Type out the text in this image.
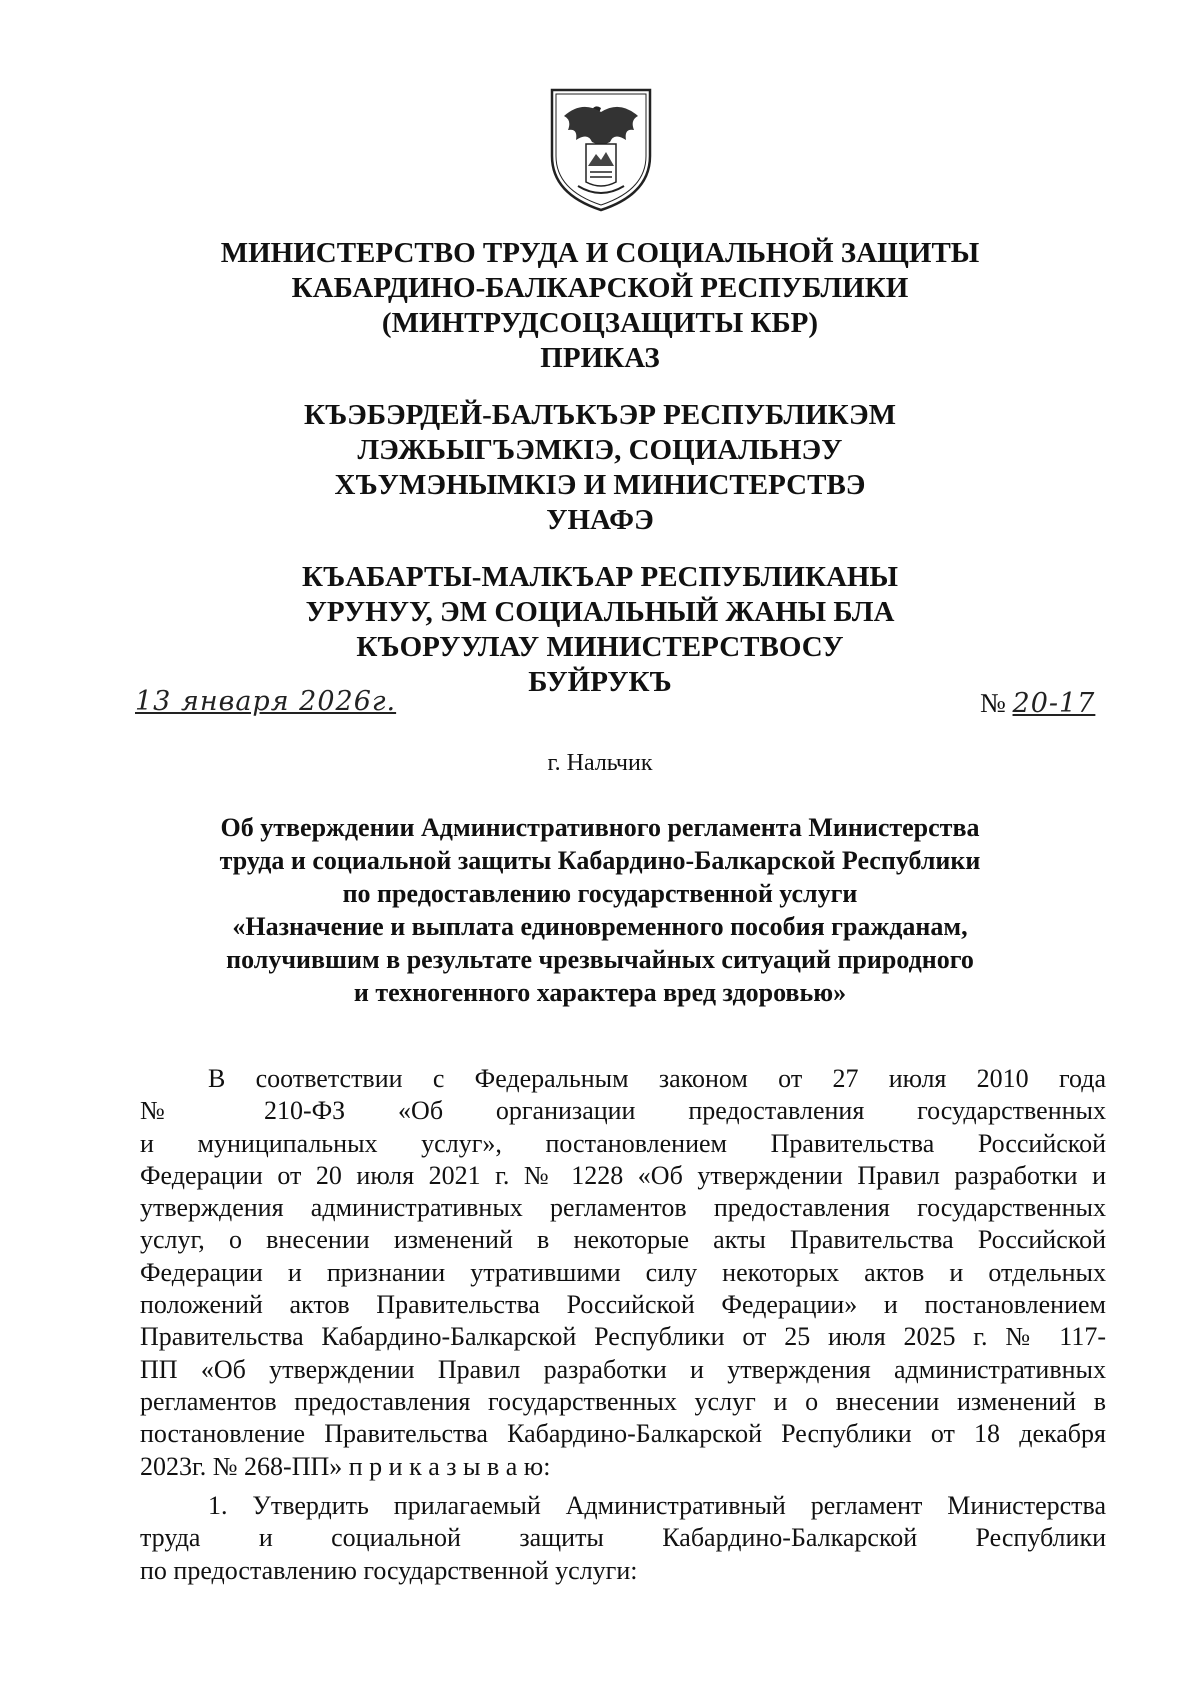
МИНИСТЕРСТВО ТРУДА И СОЦИАЛЬНОЙ ЗАЩИТЫ
КАБАРДИНО-БАЛКАРСКОЙ РЕСПУБЛИКИ
(МИНТРУДСОЦЗАЩИТЫ КБР)
ПРИКАЗ
КЪЭБЭРДЕЙ-БАЛЪКЪЭР РЕСПУБЛИКЭМ
ЛЭЖЬЫГЪЭМКIЭ, СОЦИАЛЬНЭУ
ХЪУМЭНЫМКIЭ И МИНИСТЕРСТВЭ
УНАФЭ
КЪАБАРТЫ-МАЛКЪАР РЕСПУБЛИКАНЫ
УРУНУУ, ЭМ СОЦИАЛЬНЫЙ ЖАНЫ БЛА
КЪОРУУЛАУ МИНИСТЕРСТВОСУ
БУЙРУКЪ
13 января 2026г.	№ 20-17
г. Нальчик
Об утверждении Административного регламента Министерства
труда и социальной защиты Кабардино-Балкарской Республики
по предоставлению государственной услуги
«Назначение и выплата единовременного пособия гражданам,
получившим в результате чрезвычайных ситуаций природного
и техногенного характера вред здоровью»
В соответствии с Федеральным законом от 27 июля 2010 года
№ 210-ФЗ «Об организации предоставления государственных
и муниципальных услуг», постановлением Правительства Российской
Федерации от 20 июля 2021 г. № 1228 «Об утверждении Правил разработки и
утверждения административных регламентов предоставления государственных
услуг, о внесении изменений в некоторые акты Правительства Российской
Федерации и признании утратившими силу некоторых актов и отдельных
положений актов Правительства Российской Федерации» и постановлением
Правительства Кабардино-Балкарской Республики от 25 июля 2025 г. № 117-
ПП «Об утверждении Правил разработки и утверждения административных
регламентов предоставления государственных услуг и о внесении изменений в
постановление Правительства Кабардино-Балкарской Республики от 18 декабря
2023г. № 268-ПП» п р и к а з ы в а ю:
1. Утвердить прилагаемый Административный регламент Министерства
труда и социальной защиты Кабардино-Балкарской Республики
по предоставлению государственной услуги:
